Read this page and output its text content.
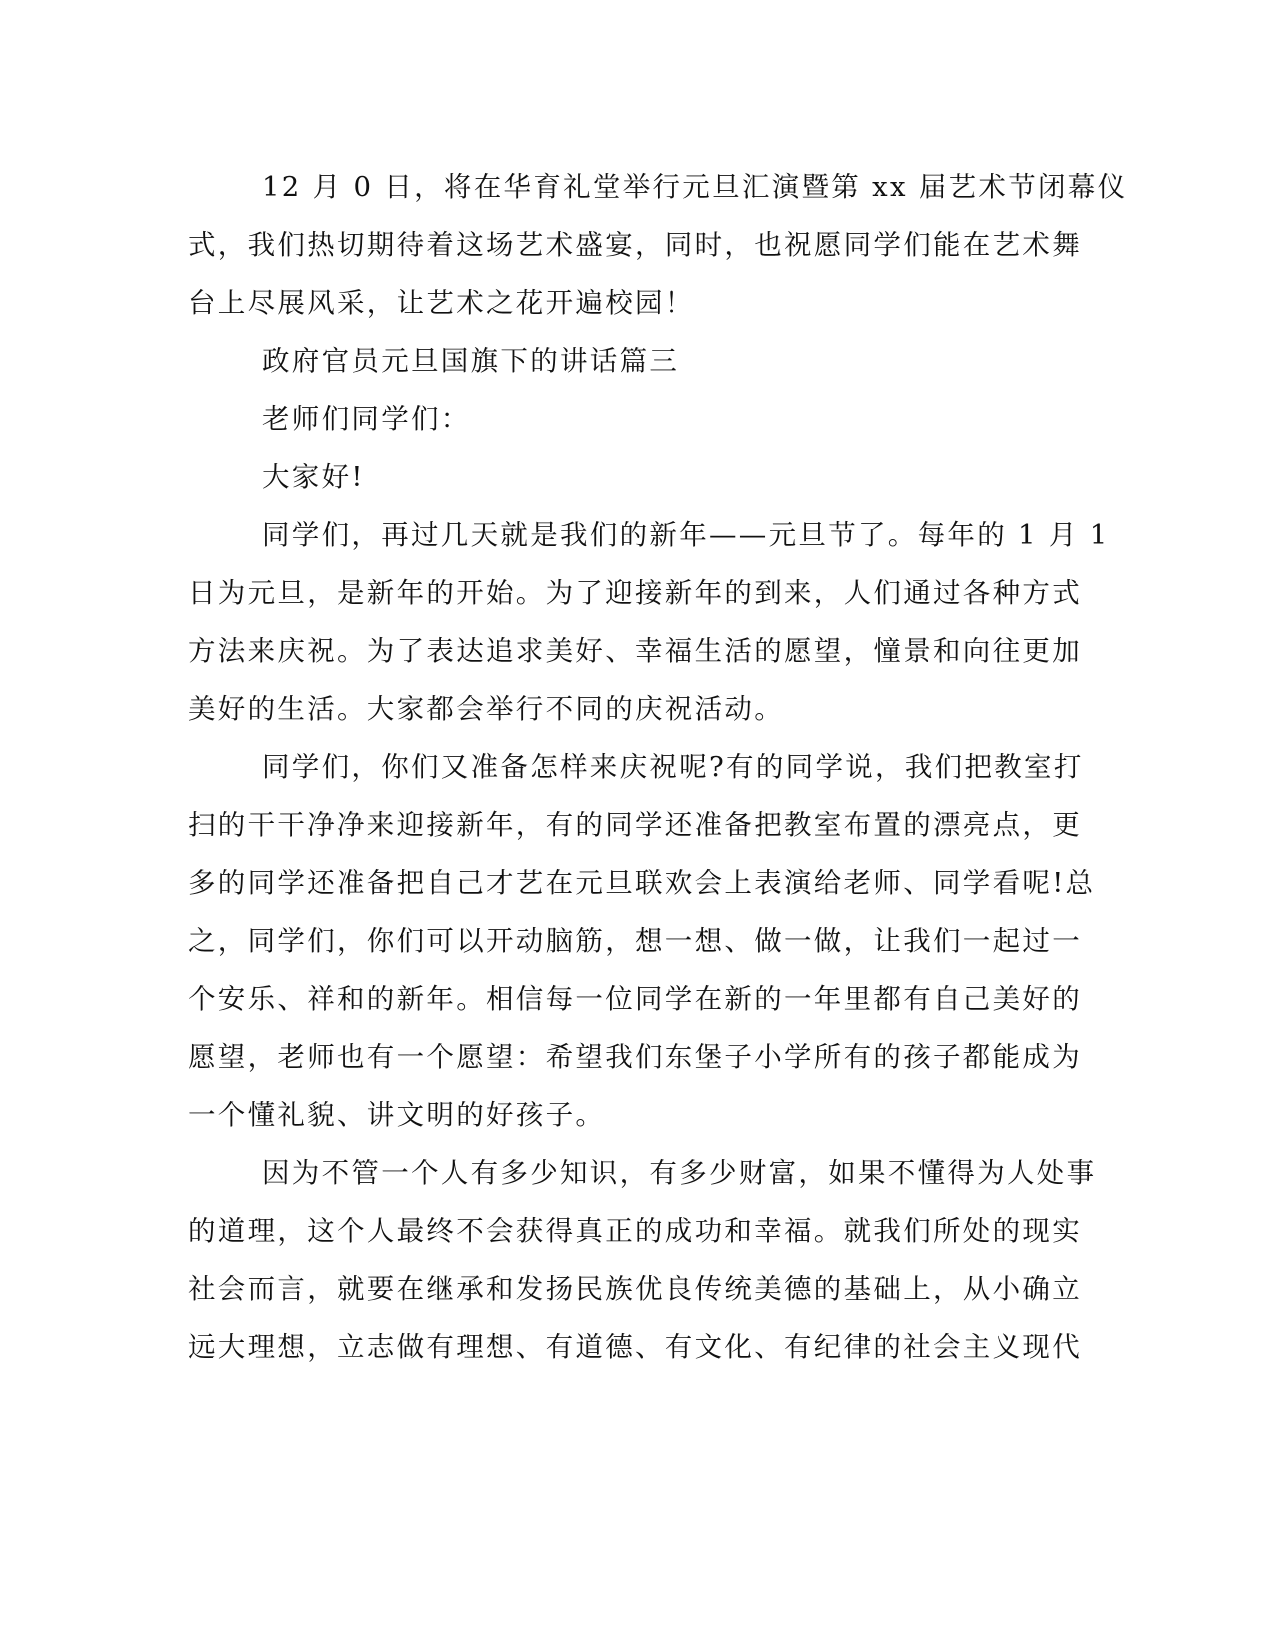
12 月 0 日，将在华育礼堂举行元旦汇演暨第 xx 届艺术节闭幕仪
式，我们热切期待着这场艺术盛宴，同时，也祝愿同学们能在艺术舞
台上尽展风采，让艺术之花开遍校园！
政府官员元旦国旗下的讲话篇三
老师们同学们：
大家好!
同学们，再过几天就是我们的新年——元旦节了。每年的 1 月 1
日为元旦，是新年的开始。为了迎接新年的到来，人们通过各种方式
方法来庆祝。为了表达追求美好、幸福生活的愿望，憧景和向往更加
美好的生活。大家都会举行不同的庆祝活动。
同学们，你们又准备怎样来庆祝呢?有的同学说，我们把教室打
扫的干干净净来迎接新年，有的同学还准备把教室布置的漂亮点，更
多的同学还准备把自己才艺在元旦联欢会上表演给老师、同学看呢!总
之，同学们，你们可以开动脑筋，想一想、做一做，让我们一起过一
个安乐、祥和的新年。相信每一位同学在新的一年里都有自己美好的
愿望，老师也有一个愿望：希望我们东堡子小学所有的孩子都能成为
一个懂礼貌、讲文明的好孩子。
因为不管一个人有多少知识，有多少财富，如果不懂得为人处事
的道理，这个人最终不会获得真正的成功和幸福。就我们所处的现实
社会而言，就要在继承和发扬民族优良传统美德的基础上，从小确立
远大理想，立志做有理想、有道德、有文化、有纪律的社会主义现代
